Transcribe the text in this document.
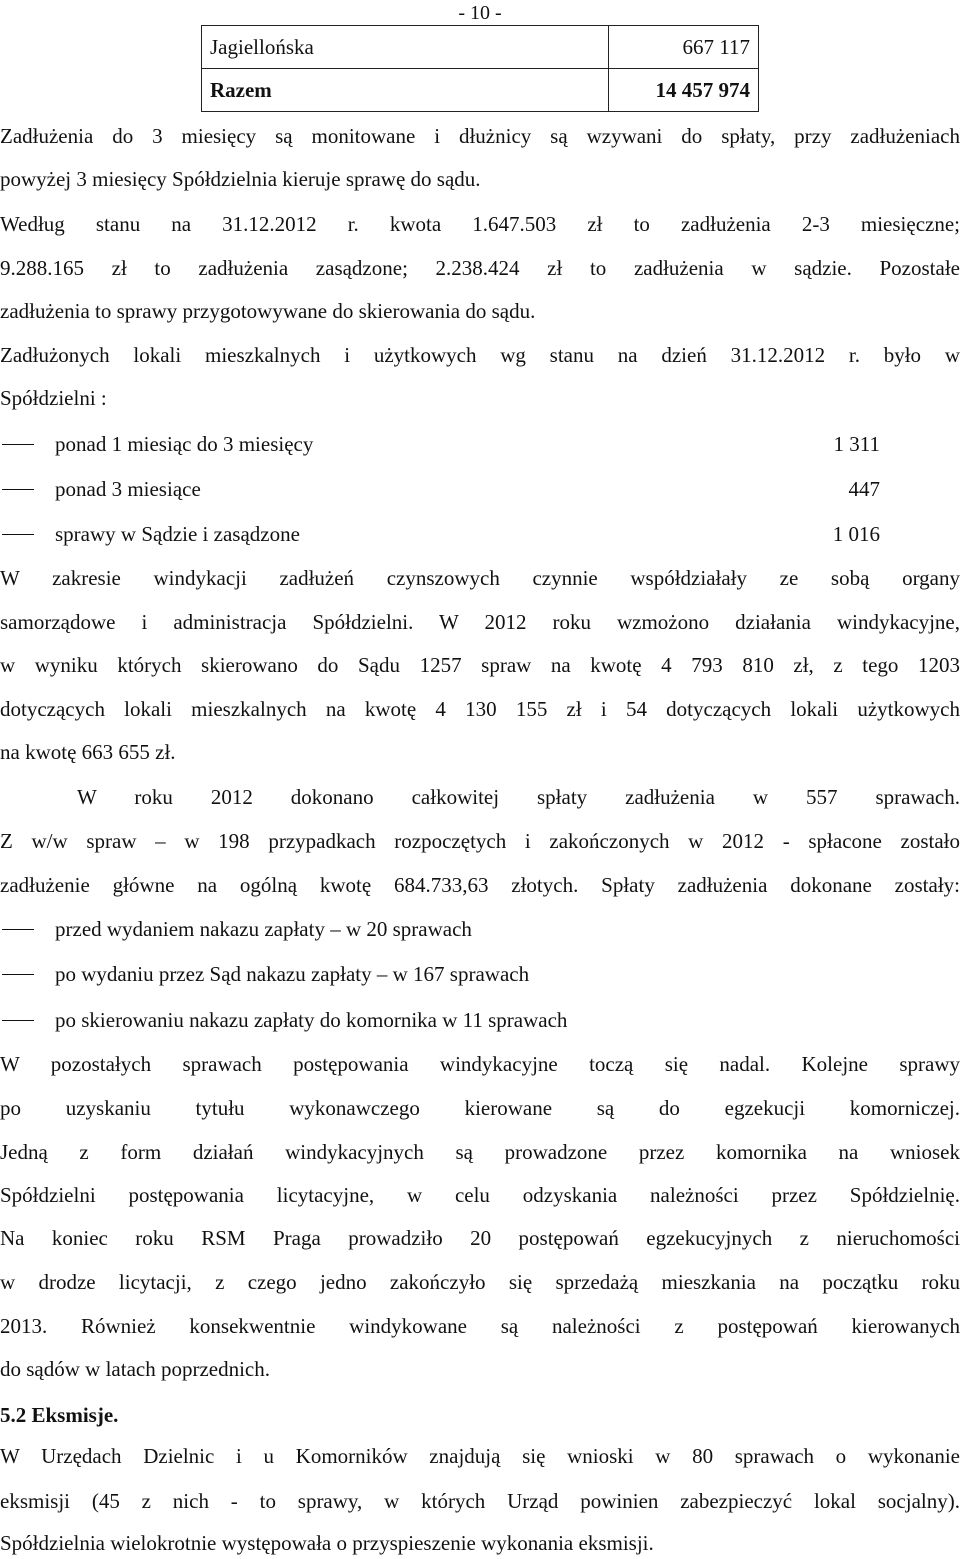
- 10 -
Jagiellońska	667 117
Razem	14 457 974
Zadłużenia do 3 miesięcy są monitowane i dłużnicy są wzywani do spłaty, przy zadłużeniach
powyżej 3 miesięcy Spółdzielnia kieruje sprawę do sądu.
Według stanu na 31.12.2012 r. kwota 1.647.503 zł to zadłużenia 2-3 miesięczne;
9.288.165 zł to zadłużenia zasądzone; 2.238.424 zł to zadłużenia w sądzie. Pozostałe
zadłużenia to sprawy przygotowywane do skierowania do sądu.
Zadłużonych lokali mieszkalnych i użytkowych wg stanu na dzień 31.12.2012 r. było w
Spółdzielni :
ponad 1 miesiąc do 3 miesięcy	1 311
ponad 3 miesiące	447
sprawy w Sądzie i zasądzone	1 016
W zakresie windykacji zadłużeń czynszowych czynnie współdziałały ze sobą organy
samorządowe i administracja Spółdzielni. W 2012 roku wzmożono działania windykacyjne,
w wyniku których skierowano do Sądu 1257 spraw na kwotę 4 793 810 zł, z tego 1203
dotyczących lokali mieszkalnych na kwotę 4 130 155 zł i 54 dotyczących lokali użytkowych
na kwotę 663 655 zł.
W roku 2012 dokonano całkowitej spłaty zadłużenia w 557 sprawach.
Z w/w spraw – w 198 przypadkach rozpoczętych i zakończonych w 2012 - spłacone zostało
zadłużenie główne na ogólną kwotę 684.733,63 złotych. Spłaty zadłużenia dokonane zostały:
przed wydaniem nakazu zapłaty – w 20 sprawach
po wydaniu przez Sąd nakazu zapłaty – w 167 sprawach
po skierowaniu nakazu zapłaty do komornika w 11 sprawach
W pozostałych sprawach postępowania windykacyjne toczą się nadal. Kolejne sprawy
po uzyskaniu tytułu wykonawczego kierowane są do egzekucji komorniczej.
Jedną z form działań windykacyjnych są prowadzone przez komornika na wniosek
Spółdzielni postępowania licytacyjne, w celu odzyskania należności przez Spółdzielnię.
Na koniec roku RSM Praga prowadziło 20 postępowań egzekucyjnych z nieruchomości
w drodze licytacji, z czego jedno zakończyło się sprzedażą mieszkania na początku roku
2013. Również konsekwentnie windykowane są należności z postępowań kierowanych
do sądów w latach poprzednich.
5.2 Eksmisje.
W Urzędach Dzielnic i u Komorników znajdują się wnioski w 80 sprawach o wykonanie
eksmisji (45 z nich - to sprawy, w których Urząd powinien zabezpieczyć lokal socjalny).
Spółdzielnia wielokrotnie występowała o przyspieszenie wykonania eksmisji.
